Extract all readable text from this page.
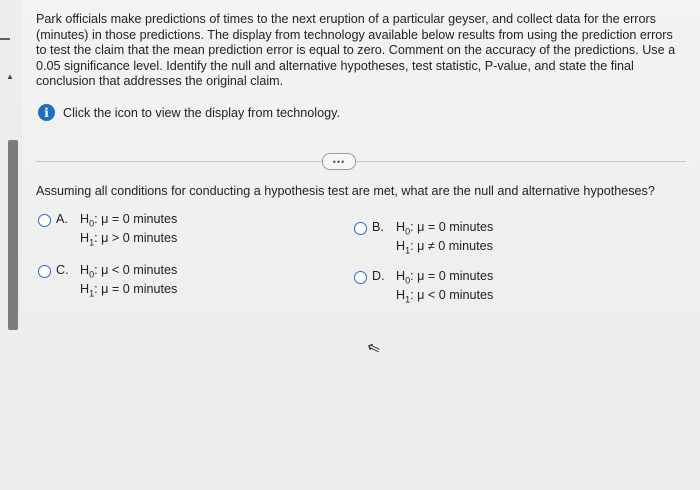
▲
Park officials make predictions of times to the next eruption of a particular geyser, and collect data for the errors (minutes) in those predictions. The display from technology available below results from using the prediction errors to test the claim that the mean prediction error is equal to zero. Comment on the accuracy of the predictions. Use a 0.05 significance level. Identify the null and alternative hypotheses, test statistic, P-value, and state the final conclusion that addresses the original claim.
i	Click the icon to view the display from technology.
•••
Assuming all conditions for conducting a hypothesis test are met, what are the null and alternative hypotheses?
A. $H_0$: μ = 0 minutes
$H_1$: μ > 0 minutes
B. $H_0$: μ = 0 minutes
$H_1$: μ ≠ 0 minutes
C. $H_0$: μ < 0 minutes
$H_1$: μ = 0 minutes
D. $H_0$: μ = 0 minutes
$H_1$: μ < 0 minutes
⇖
